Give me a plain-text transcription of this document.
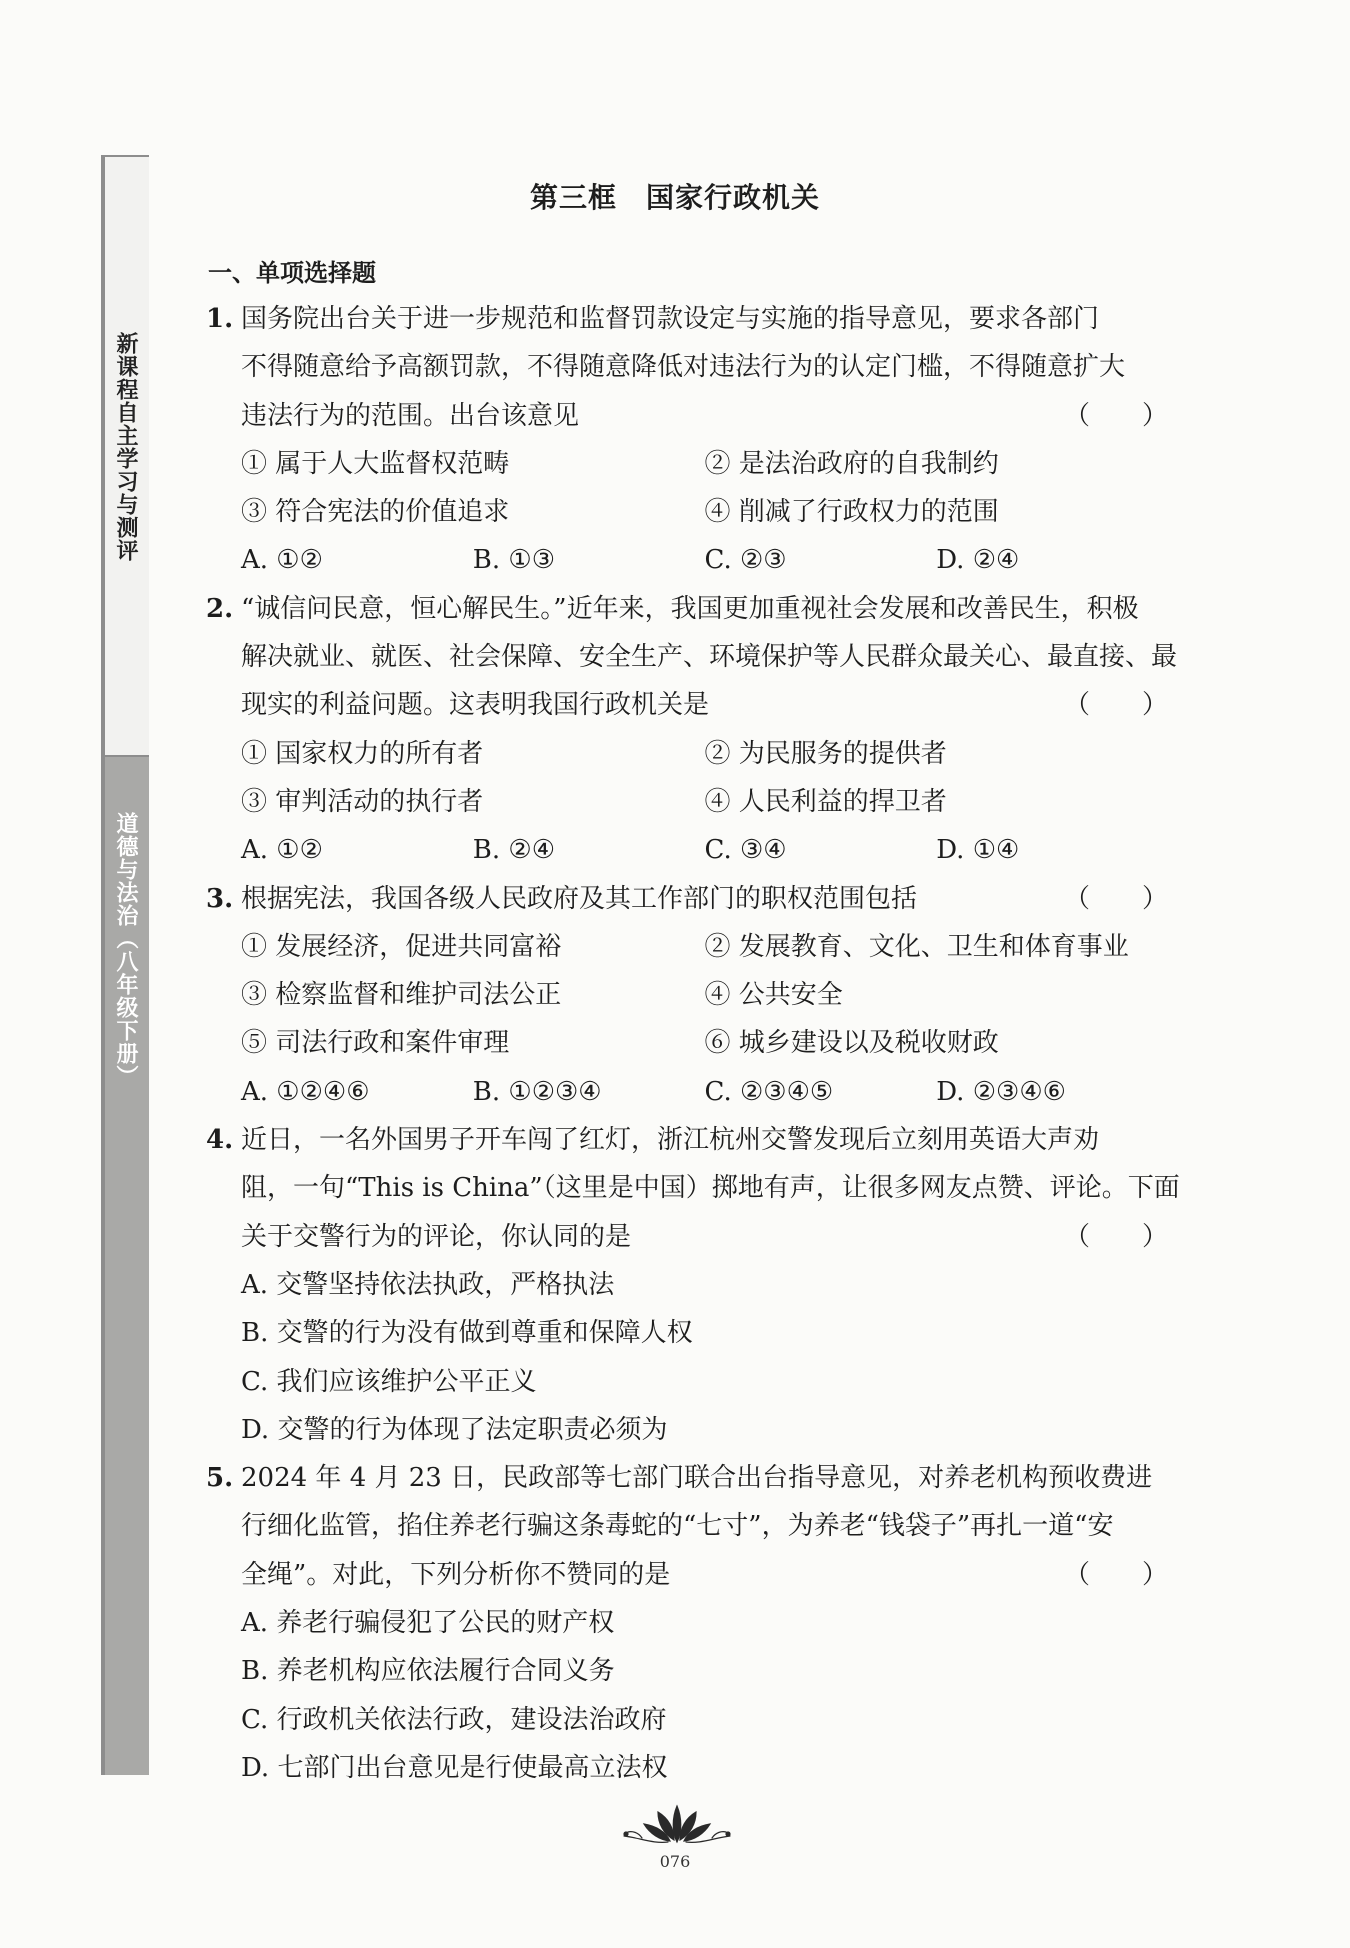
新课程自主学习与测评
道德与法治（八年级下册）
第三框　国家行政机关
一、单项选择题
1. 国务院出台关于进一步规范和监督罚款设定与实施的指导意见，要求各部门
不得随意给予高额罚款，不得随意降低对违法行为的认定门槛，不得随意扩大
违法行为的范围。出台该意见	（　　）
① 属于人大监督权范畴	② 是法治政府的自我制约
③ 符合宪法的价值追求	④ 削减了行政权力的范围
A. ①②	B. ①③	C. ②③	D. ②④
2. “诚信问民意，恒心解民生。”近年来，我国更加重视社会发展和改善民生，积极
解决就业、就医、社会保障、安全生产、环境保护等人民群众最关心、最直接、最
现实的利益问题。这表明我国行政机关是	（　　）
① 国家权力的所有者	② 为民服务的提供者
③ 审判活动的执行者	④ 人民利益的捍卫者
A. ①②	B. ②④	C. ③④	D. ①④
3. 根据宪法，我国各级人民政府及其工作部门的职权范围包括	（　　）
① 发展经济，促进共同富裕	② 发展教育、文化、卫生和体育事业
③ 检察监督和维护司法公正	④ 公共安全
⑤ 司法行政和案件审理	⑥ 城乡建设以及税收财政
A. ①②④⑥	B. ①②③④	C. ②③④⑤	D. ②③④⑥
4. 近日，一名外国男子开车闯了红灯，浙江杭州交警发现后立刻用英语大声劝
阻，一句“This is China”（这里是中国）掷地有声，让很多网友点赞、评论。下面
关于交警行为的评论，你认同的是	（　　）
A. 交警坚持依法执政，严格执法
B. 交警的行为没有做到尊重和保障人权
C. 我们应该维护公平正义
D. 交警的行为体现了法定职责必须为
5. 2024 年 4 月 23 日，民政部等七部门联合出台指导意见，对养老机构预收费进
行细化监管，掐住养老行骗这条毒蛇的“七寸”，为养老“钱袋子”再扎一道“安
全绳”。对此，下列分析你不赞同的是	（　　）
A. 养老行骗侵犯了公民的财产权
B. 养老机构应依法履行合同义务
C. 行政机关依法行政，建设法治政府
D. 七部门出台意见是行使最高立法权
076
